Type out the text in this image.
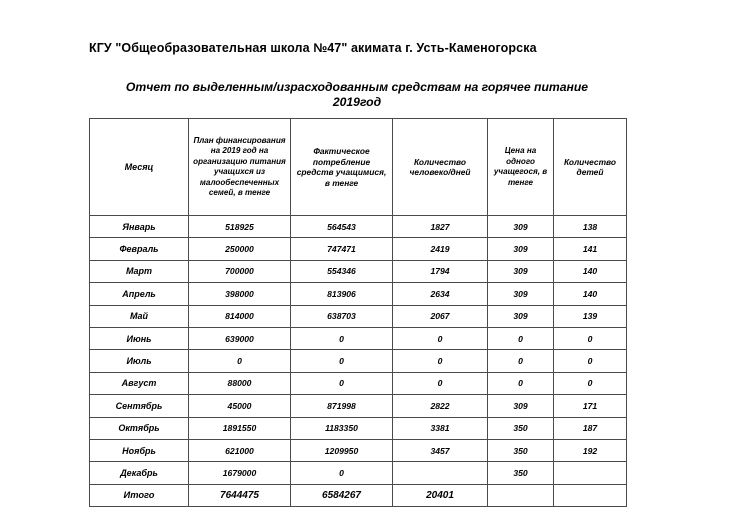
КГУ "Общеобразовательная школа №47" акимата г. Усть-Каменогорска
Отчет по выделенным/израсходованным средствам на горячее питание
2019год
Месяц	План финансирования на 2019 год на организацию питания учащихся из малообеспеченных семей, в тенге	Фактическое потребление средств учащимися, в тенге	Количество человеко/дней	Цена на одного учащегося, в тенге	Количество детей
Январь	518925	564543	1827	309	138
Февраль	250000	747471	2419	309	141
Март	700000	554346	1794	309	140
Апрель	398000	813906	2634	309	140
Май	814000	638703	2067	309	139
Июнь	639000	0	0	0	0
Июль	0	0	0	0	0
Август	88000	0	0	0	0
Сентябрь	45000	871998	2822	309	171
Октябрь	1891550	1183350	3381	350	187
Ноябрь	621000	1209950	3457	350	192
Декабрь	1679000	0		350	
Итого	7644475	6584267	20401		
